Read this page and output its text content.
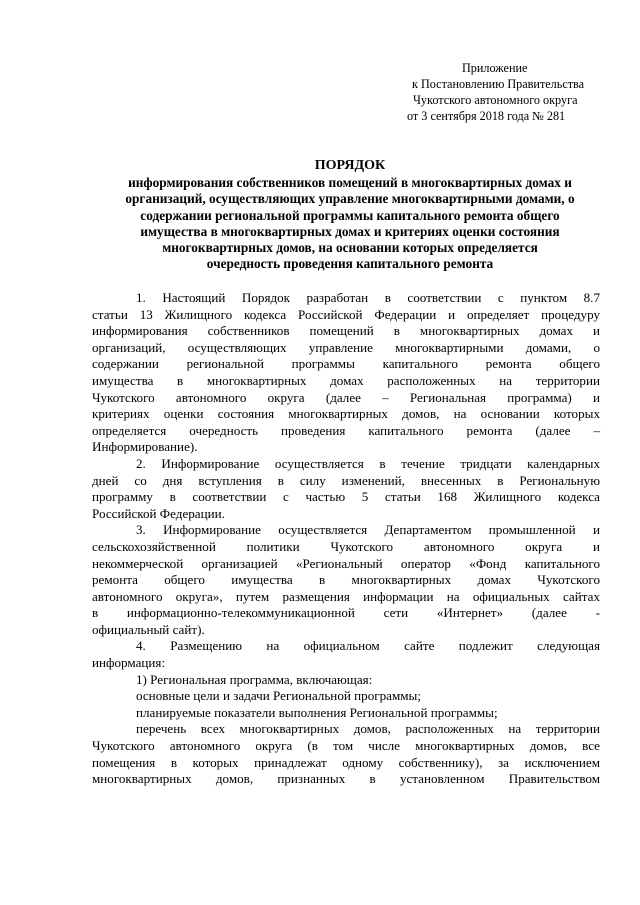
Приложение
к Постановлению Правительства
Чукотского автономного округа
от 3 сентября 2018 года № 281
ПОРЯДОК
информирования собственников помещений в многоквартирных домах и
организаций, осуществляющих управление многоквартирными домами, о
содержании региональной программы капитального ремонта общего
имущества в многоквартирных домах и критериях оценки состояния
многоквартирных домов, на основании которых определяется
очередность проведения капитального ремонта
1. Настоящий Порядок разработан в соответствии с пунктом 8.7
статьи 13 Жилищного кодекса Российской Федерации и определяет процедуру
информирования собственников помещений в многоквартирных домах и
организаций, осуществляющих управление многоквартирными домами, о
содержании региональной программы капитального ремонта общего
имущества в многоквартирных домах расположенных на территории
Чукотского автономного округа (далее – Региональная программа) и
критериях оценки состояния многоквартирных домов, на основании которых
определяется очередность проведения капитального ремонта (далее –
Информирование).
2. Информирование осуществляется в течение тридцати календарных
дней со дня вступления в силу изменений, внесенных в Региональную
программу в соответствии с частью 5 статьи 168 Жилищного кодекса
Российской Федерации.
3. Информирование осуществляется Департаментом промышленной и
сельскохозяйственной политики Чукотского автономного округа и
некоммерческой организацией «Региональный оператор «Фонд капитального
ремонта общего имущества в многоквартирных домах Чукотского
автономного округа», путем размещения информации на официальных сайтах
в информационно-телекоммуникационной сети «Интернет» (далее -
официальный сайт).
4. Размещению на официальном сайте подлежит следующая
информация:
1) Региональная программа, включающая:
основные цели и задачи Региональной программы;
планируемые показатели выполнения Региональной программы;
перечень всех многоквартирных домов, расположенных на территории
Чукотского автономного округа (в том числе многоквартирных домов, все
помещения в которых принадлежат одному собственнику), за исключением
многоквартирных домов, признанных в установленном Правительством
